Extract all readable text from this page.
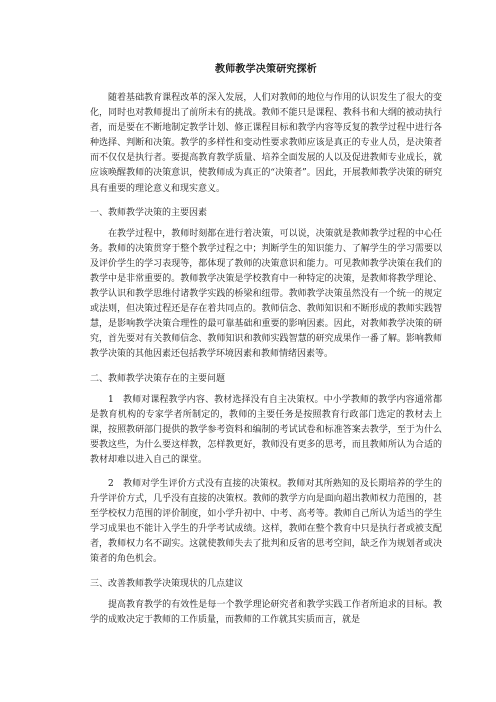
教师教学决策研究探析

随着基础教育课程改革的深入发展，人们对教师的地位与作用的认识发生了很大的变化，同时也对教师提出了前所未有的挑战。教师不能只是课程、教科书和大纲的被动执行者，而是要在不断地制定教学计划、修正课程目标和教学内容等反复的教学过程中进行各种选择、判断和决策。教学的多样性和变动性要求教师应该是真正的专业人员，是决策者而不仅仅是执行者。要提高教育教学质量、培养全面发展的人以及促进教师专业成长，就应该唤醒教师的决策意识，使教师成为真正的“决策者”。因此，开展教师教学决策的研究具有重要的理论意义和现实意义。

一、教师教学决策的主要因素

在教学过程中，教师时刻都在进行着决策，可以说，决策就是教师教学过程的中心任务。教师的决策贯穿于整个教学过程之中；判断学生的知识能力、了解学生的学习需要以及评价学生的学习表现等，都体现了教师的决策意识和能力。可见教师教学决策在我们的教学中是非常重要的。教师教学决策是学校教育中一种特定的决策，是教师将教学理论、教学认识和教学思维付诸教学实践的桥梁和纽带。教师教学决策虽然没有一个统一的规定或法则，但决策过程还是存在着共同点的。教师信念、教师知识和不断形成的教师实践智慧，是影响教学决策合理性的最可靠基础和重要的影响因素。因此，对教师教学决策的研究，首先要对有关教师信念、教师知识和教师实践智慧的研究成果作一番了解。影响教师教学决策的其他因素还包括教学环境因素和教师情绪因素等。

二、教师教学决策存在的主要问题

1　教师对课程教学内容、教材选择没有自主决策权。中小学教师的教学内容通常都是教育机构的专家学者所制定的，教师的主要任务是按照教育行政部门选定的教材去上课，按照教研部门提供的教学参考资料和编制的考试试卷和标准答案去教学，至于为什么要教这些，为什么要这样教，怎样教更好，教师没有更多的思考，而且教师所认为合适的教材却难以进入自己的课堂。

2　教师对学生评价方式没有直接的决策权。教师对其所熟知的及长期培养的学生的升学评价方式，几乎没有直接的决策权。教师的教学方向是面向超出教师权力范围的，甚至学校权力范围的评价制度，如小学升初中、中考、高考等。教师自己所认为适当的学生学习成果也不能计入学生的升学考试成绩。这样，教师在整个教育中只是执行者或被支配者，教师权力名不副实。这就使教师失去了批判和反省的思考空间，缺乏作为规划者或决策者的角色机会。

三、改善教师教学决策现状的几点建议

提高教育教学的有效性是每一个教学理论研究者和教学实践工作者所追求的目标。教学的成败决定于教师的工作质量，而教师的工作就其实质而言，就是
